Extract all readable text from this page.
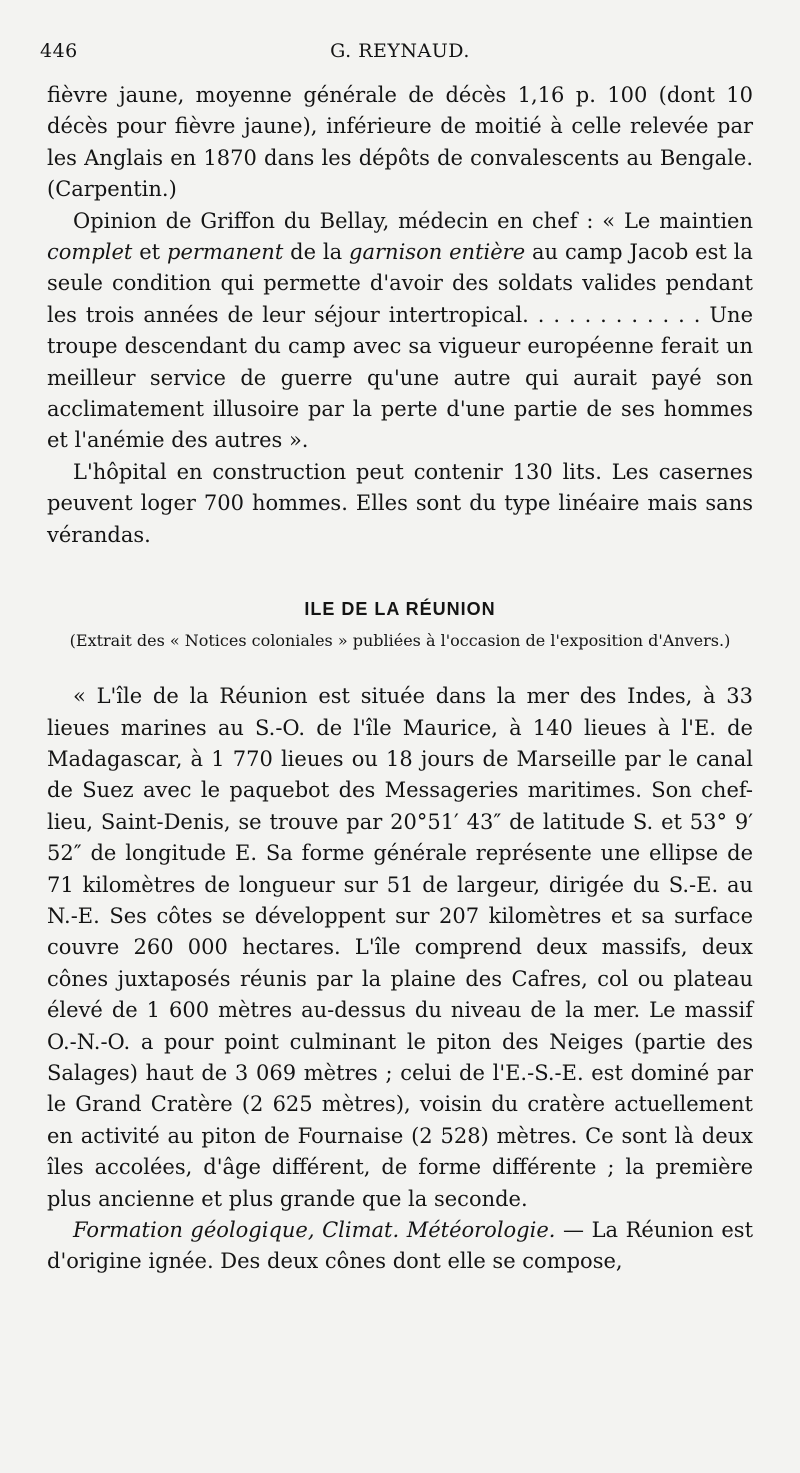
446	G. REYNAUD.

fièvre jaune, moyenne générale de décès 1,16 p. 100 (dont 10 décès pour fièvre jaune), inférieure de moitié à celle relevée par les Anglais en 1870 dans les dépôts de convalescents au Bengale. (Carpentin.)

Opinion de Griffon du Bellay, médecin en chef : « Le maintien complet et permanent de la garnison entière au camp Jacob est la seule condition qui permette d'avoir des soldats valides pendant les trois années de leur séjour intertropical. . . . . . . . . . . . Une troupe descendant du camp avec sa vigueur européenne ferait un meilleur service de guerre qu'une autre qui aurait payé son acclimatement illusoire par la perte d'une partie de ses hommes et l'anémie des autres ».

L'hôpital en construction peut contenir 130 lits. Les casernes peuvent loger 700 hommes. Elles sont du type linéaire mais sans vérandas.

ILE DE LA RÉUNION
(Extrait des « Notices coloniales » publiées à l'occasion de l'exposition d'Anvers.)

« L'île de la Réunion est située dans la mer des Indes, à 33 lieues marines au S.-O. de l'île Maurice, à 140 lieues à l'E. de Madagascar, à 1 770 lieues ou 18 jours de Marseille par le canal de Suez avec le paquebot des Messageries maritimes. Son chef-lieu, Saint-Denis, se trouve par 20°51′ 43″ de latitude S. et 53° 9′ 52″ de longitude E. Sa forme générale représente une ellipse de 71 kilomètres de longueur sur 51 de largeur, dirigée du S.-E. au N.-E. Ses côtes se développent sur 207 kilomètres et sa surface couvre 260 000 hectares. L'île comprend deux massifs, deux cônes juxtaposés réunis par la plaine des Cafres, col ou plateau élevé de 1 600 mètres au-dessus du niveau de la mer. Le massif O.-N.-O. a pour point culminant le piton des Neiges (partie des Salages) haut de 3 069 mètres ; celui de l'E.-S.-E. est dominé par le Grand Cratère (2 625 mètres), voisin du cratère actuellement en activité au piton de Fournaise (2 528) mètres. Ce sont là deux îles accolées, d'âge différent, de forme différente ; la première plus ancienne et plus grande que la seconde.

Formation géologique, Climat. Météorologie. — La Réunion est d'origine ignée. Des deux cônes dont elle se compose,
